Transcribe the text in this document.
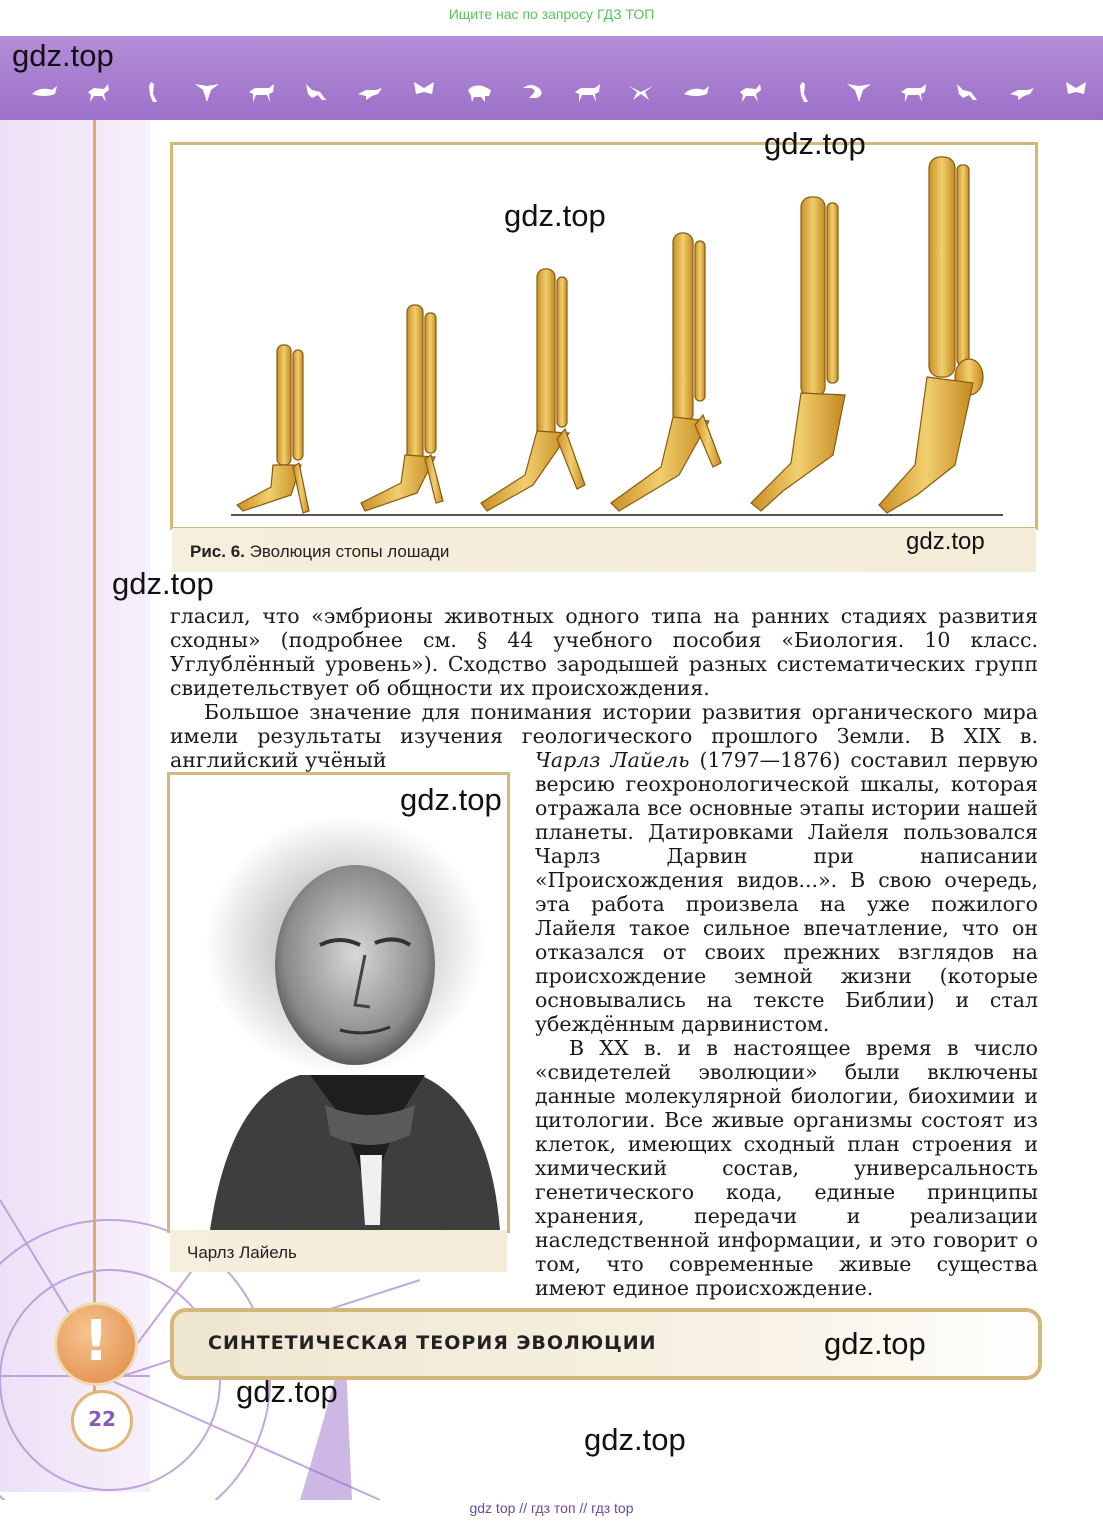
Ищите нас по запросу ГДЗ ТОП
gdz.top
gdz.top
gdz.top
Рис. 6. Эволюция стопы лошади	gdz.top
gdz.top

гласил, что «эмбрионы животных одного типа на ранних стадиях развития сходны» (подробнее см. § 44 учебного пособия «Биология. 10 класс. Углублённый уровень»). Сходство зародышей разных систематических групп свидетельствует об общности их происхождения.

Большое значение для понимания истории развития органического мира имели результаты изучения геологического прошлого Земли. В XIX в. английский учёный	Чарлз Лайель (1797—1876) составил первую версию геохронологической шкалы, которая отражала все основные этапы истории нашей планеты. Датировками Лайеля пользовался Чарлз Дарвин при написании «Происхождения видов...». В свою очередь, эта работа произвела на уже пожилого Лайеля такое сильное впечатление, что он отказался от своих прежних взглядов на происхождение земной жизни (которые основывались на тексте Библии) и стал убеждённым дарвинистом.

В XX в. и в настоящее время в число «свидетелей эволюции» были включены данные молекулярной биологии, биохимии и цитологии. Все живые организмы состоят из клеток, имеющих сходный план строения и химический состав, универсальность генетического кода, единые принципы хранения, передачи и реализации наследственной информации, и это говорит о том, что современные живые существа имеют единое происхождение.

gdz.top
Чарлз Лайель
СИНТЕТИЧЕСКАЯ ТЕОРИЯ ЭВОЛЮЦИИ	gdz.top
!
gdz.top
22
gdz.top
gdz top // гдз топ // гдз top
